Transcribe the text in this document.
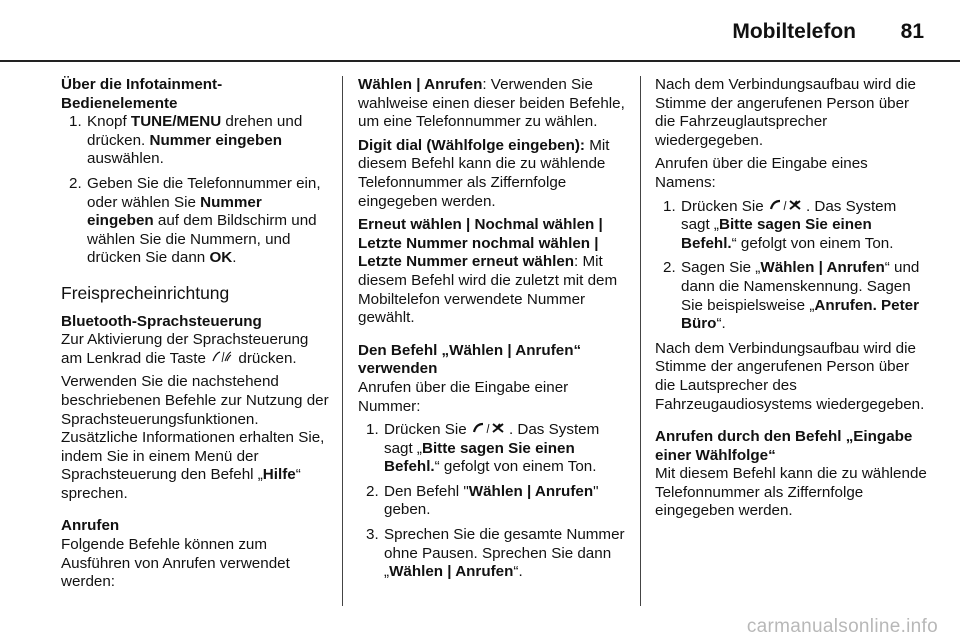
Mobiltelefon 81

Über die Infotainment-Bedienelemente

1. Knopf TUNE/MENU drehen und drücken. Nummer eingeben auswählen.
2. Geben Sie die Telefonnummer ein, oder wählen Sie Nummer eingeben auf dem Bildschirm und wählen Sie die Nummern, und drücken Sie dann OK.
Freisprecheinrichtung

Bluetooth-Sprachsteuerung

Zur Aktivierung der Sprachsteuerung am Lenkrad die Taste  drücken.

Verwenden Sie die nachstehend beschriebenen Befehle zur Nutzung der Sprachsteuerungsfunktionen. Zusätzliche Informationen erhalten Sie, indem Sie in einem Menü der Sprachsteuerung den Befehl „Hilfe“ sprechen.

Anrufen

Folgende Befehle können zum Ausführen von Anrufen verwendet werden:

Wählen | Anrufen: Verwenden Sie wahlweise einen dieser beiden Befehle, um eine Telefonnummer zu wählen.

Digit dial (Wählfolge eingeben): Mit diesem Befehl kann die zu wählende Telefonnummer als Ziffernfolge eingegeben werden.

Erneut wählen | Nochmal wählen | Letzte Nummer nochmal wählen | Letzte Nummer erneut wählen: Mit diesem Befehl wird die zuletzt mit dem Mobiltelefon verwendete Nummer gewählt.

Den Befehl „Wählen | Anrufen“ verwenden

Anrufen über die Eingabe einer Nummer:

1. Drücken Sie	. Das System sagt „Bitte sagen Sie einen Befehl.“ gefolgt von einem Ton.
2. Den Befehl "Wählen | Anrufen" geben.
3. Sprechen Sie die gesamte Nummer ohne Pausen. Sprechen Sie dann „Wählen | Anrufen“.

Nach dem Verbindungsaufbau wird die Stimme der angerufenen Person über die Fahrzeuglautsprecher wiedergegeben.

Anrufen über die Eingabe eines Namens:

1. Drücken Sie	. Das System sagt „Bitte sagen Sie einen Befehl.“ gefolgt von einem Ton.
2. Sagen Sie „Wählen | Anrufen“ und dann die Namenskennung. Sagen Sie beispielsweise „Anrufen. Peter Büro“.

Nach dem Verbindungsaufbau wird die Stimme der angerufenen Person über die Lautsprecher des Fahrzeugaudiosystems wiedergegeben.

Anrufen durch den Befehl „Eingabe einer Wählfolge“

Mit diesem Befehl kann die zu wählende Telefonnummer als Ziffernfolge eingegeben werden.

carmanualsonline.info
